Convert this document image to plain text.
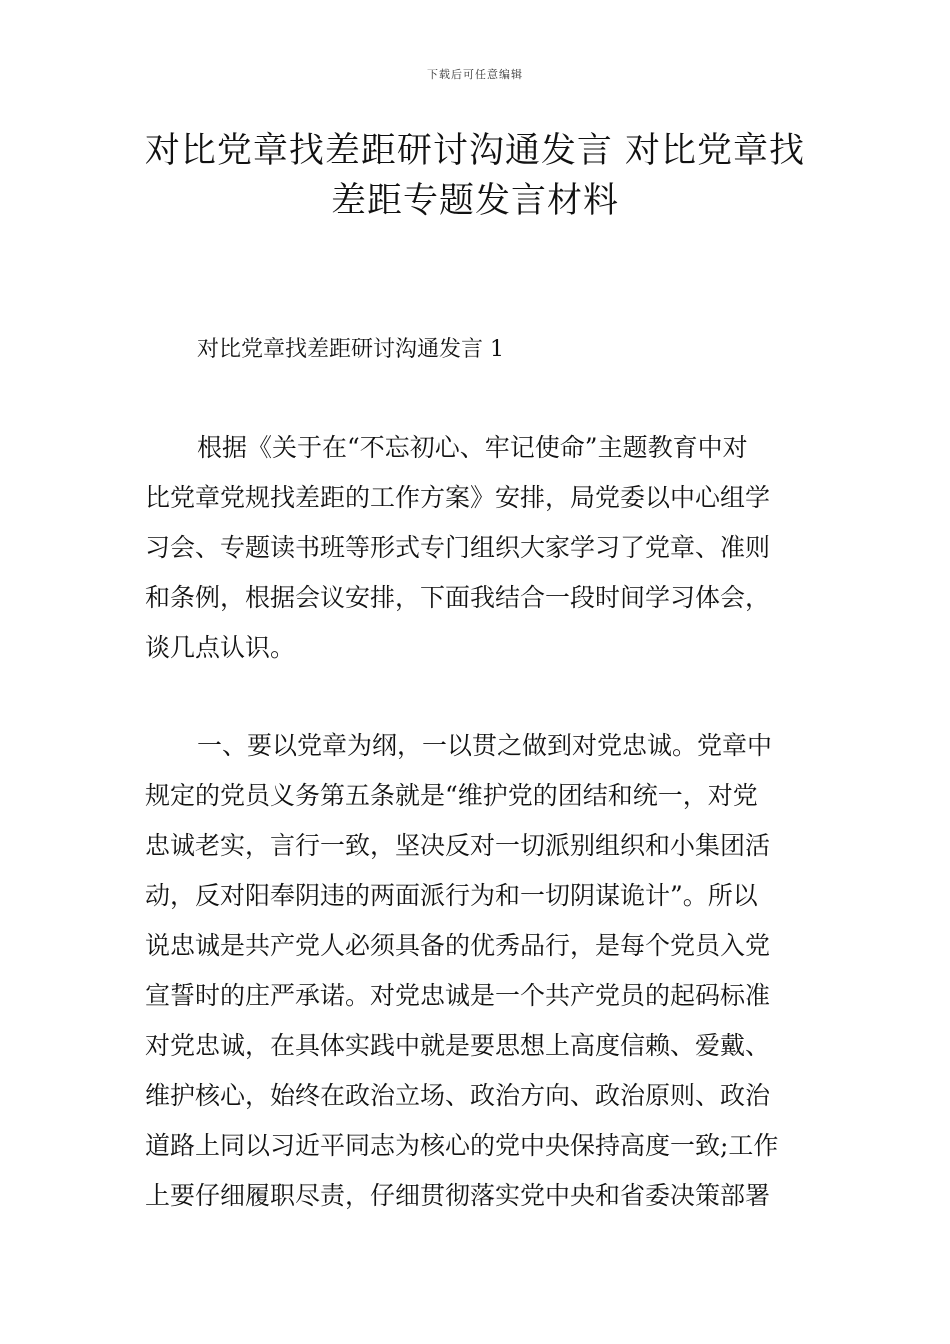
下载后可任意编辑
对比党章找差距研讨沟通发言 对比党章找
差距专题发言材料
对比党章找差距研讨沟通发言 1
根据《关于在“不忘初心、牢记使命”主题教育中对
比党章党规找差距的工作方案》安排，局党委以中心组学
习会、专题读书班等形式专门组织大家学习了党章、准则
和条例，根据会议安排，下面我结合一段时间学习体会，
谈几点认识。
一、要以党章为纲，一以贯之做到对党忠诚。党章中
规定的党员义务第五条就是“维护党的团结和统一，对党
忠诚老实，言行一致，坚决反对一切派别组织和小集团活
动，反对阳奉阴违的两面派行为和一切阴谋诡计”。所以
说忠诚是共产党人必须具备的优秀品行，是每个党员入党
宣誓时的庄严承诺。对党忠诚是一个共产党员的起码标准
对党忠诚，在具体实践中就是要思想上高度信赖、爱戴、
维护核心，始终在政治立场、政治方向、政治原则、政治
道路上同以习近平同志为核心的党中央保持高度一致;工作
上要仔细履职尽责，仔细贯彻落实党中央和省委决策部署
